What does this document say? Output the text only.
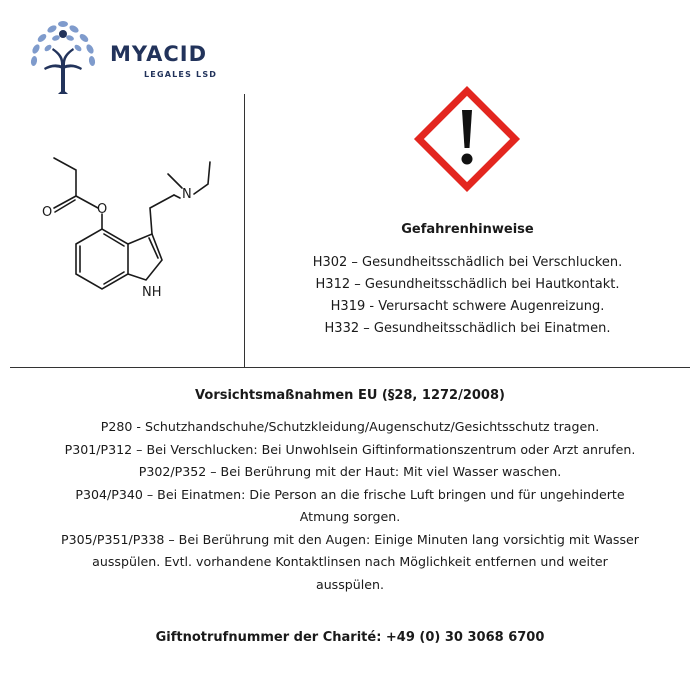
MYACID
LEGALES LSD
N
O
O
NH
Gefahrenhinweise
H302 – Gesundheitsschädlich bei Verschlucken.
H312 – Gesundheitsschädlich bei Hautkontakt.
H319 - Verursacht schwere Augenreizung.
H332 – Gesundheitsschädlich bei Einatmen.
Vorsichtsmaßnahmen EU (§28, 1272/2008)
P280 - Schutzhandschuhe/Schutzkleidung/Augenschutz/Gesichtsschutz tragen.
P301/P312 – Bei Verschlucken: Bei Unwohlsein Giftinformationszentrum oder Arzt anrufen.
P302/P352 – Bei Berührung mit der Haut: Mit viel Wasser waschen.
P304/P340 – Bei Einatmen: Die Person an die frische Luft bringen und für ungehinderte
Atmung sorgen.
P305/P351/P338 – Bei Berührung mit den Augen: Einige Minuten lang vorsichtig mit Wasser
ausspülen. Evtl. vorhandene Kontaktlinsen nach Möglichkeit entfernen und weiter
ausspülen.
Giftnotrufnummer der Charité: +49 (0) 30 3068 6700
